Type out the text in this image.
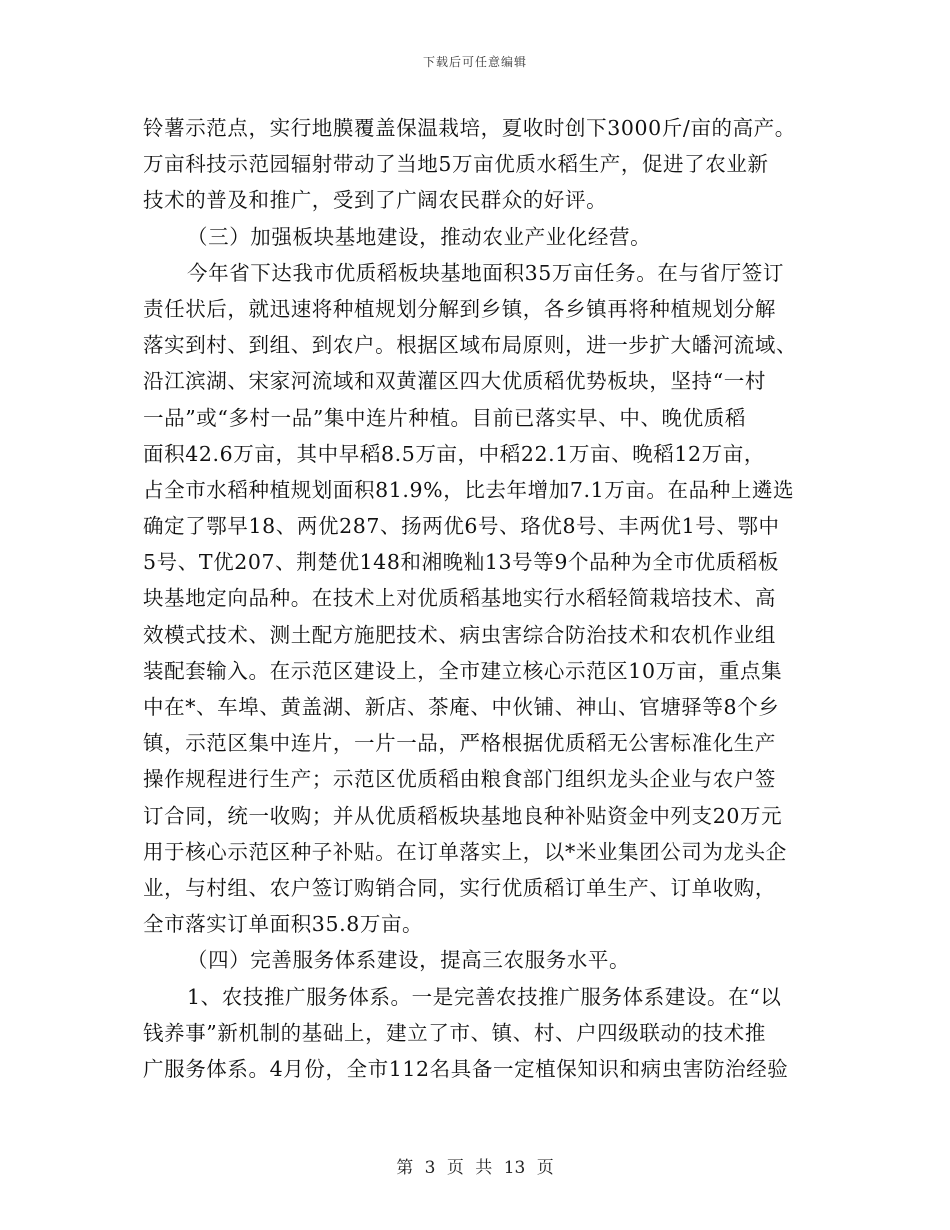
下载后可任意编辑
铃薯示范点，实行地膜覆盖保温栽培，夏收时创下3000斤/亩的高产。
万亩科技示范园辐射带动了当地5万亩优质水稻生产，促进了农业新
技术的普及和推广，受到了广阔农民群众的好评。
（三）加强板块基地建设，推动农业产业化经营。
今年省下达我市优质稻板块基地面积35万亩任务。在与省厅签订
责任状后，就迅速将种植规划分解到乡镇，各乡镇再将种植规划分解
落实到村、到组、到农户。根据区域布局原则，进一步扩大皤河流域、
沿江滨湖、宋家河流域和双黄灌区四大优质稻优势板块，坚持“一村
一品”或“多村一品”集中连片种植。目前已落实早、中、晚优质稻
面积42.6万亩，其中早稻8.5万亩，中稻22.1万亩、晚稻12万亩，
占全市水稻种植规划面积81.9%，比去年增加7.1万亩。在品种上遴选
确定了鄂早18、两优287、扬两优6号、珞优8号、丰两优1号、鄂中
5号、T优207、荆楚优148和湘晚籼13号等9个品种为全市优质稻板
块基地定向品种。在技术上对优质稻基地实行水稻轻简栽培技术、高
效模式技术、测土配方施肥技术、病虫害综合防治技术和农机作业组
装配套输入。在示范区建设上，全市建立核心示范区10万亩，重点集
中在*、车埠、黄盖湖、新店、茶庵、中伙铺、神山、官塘驿等8个乡
镇，示范区集中连片，一片一品，严格根据优质稻无公害标准化生产
操作规程进行生产；示范区优质稻由粮食部门组织龙头企业与农户签
订合同，统一收购；并从优质稻板块基地良种补贴资金中列支20万元
用于核心示范区种子补贴。在订单落实上，以*米业集团公司为龙头企
业，与村组、农户签订购销合同，实行优质稻订单生产、订单收购，
全市落实订单面积35.8万亩。
（四）完善服务体系建设，提高三农服务水平。
1、农技推广服务体系。一是完善农技推广服务体系建设。在“以
钱养事”新机制的基础上，建立了市、镇、村、户四级联动的技术推
广服务体系。4月份，全市112名具备一定植保知识和病虫害防治经验
第 3 页 共 13 页
